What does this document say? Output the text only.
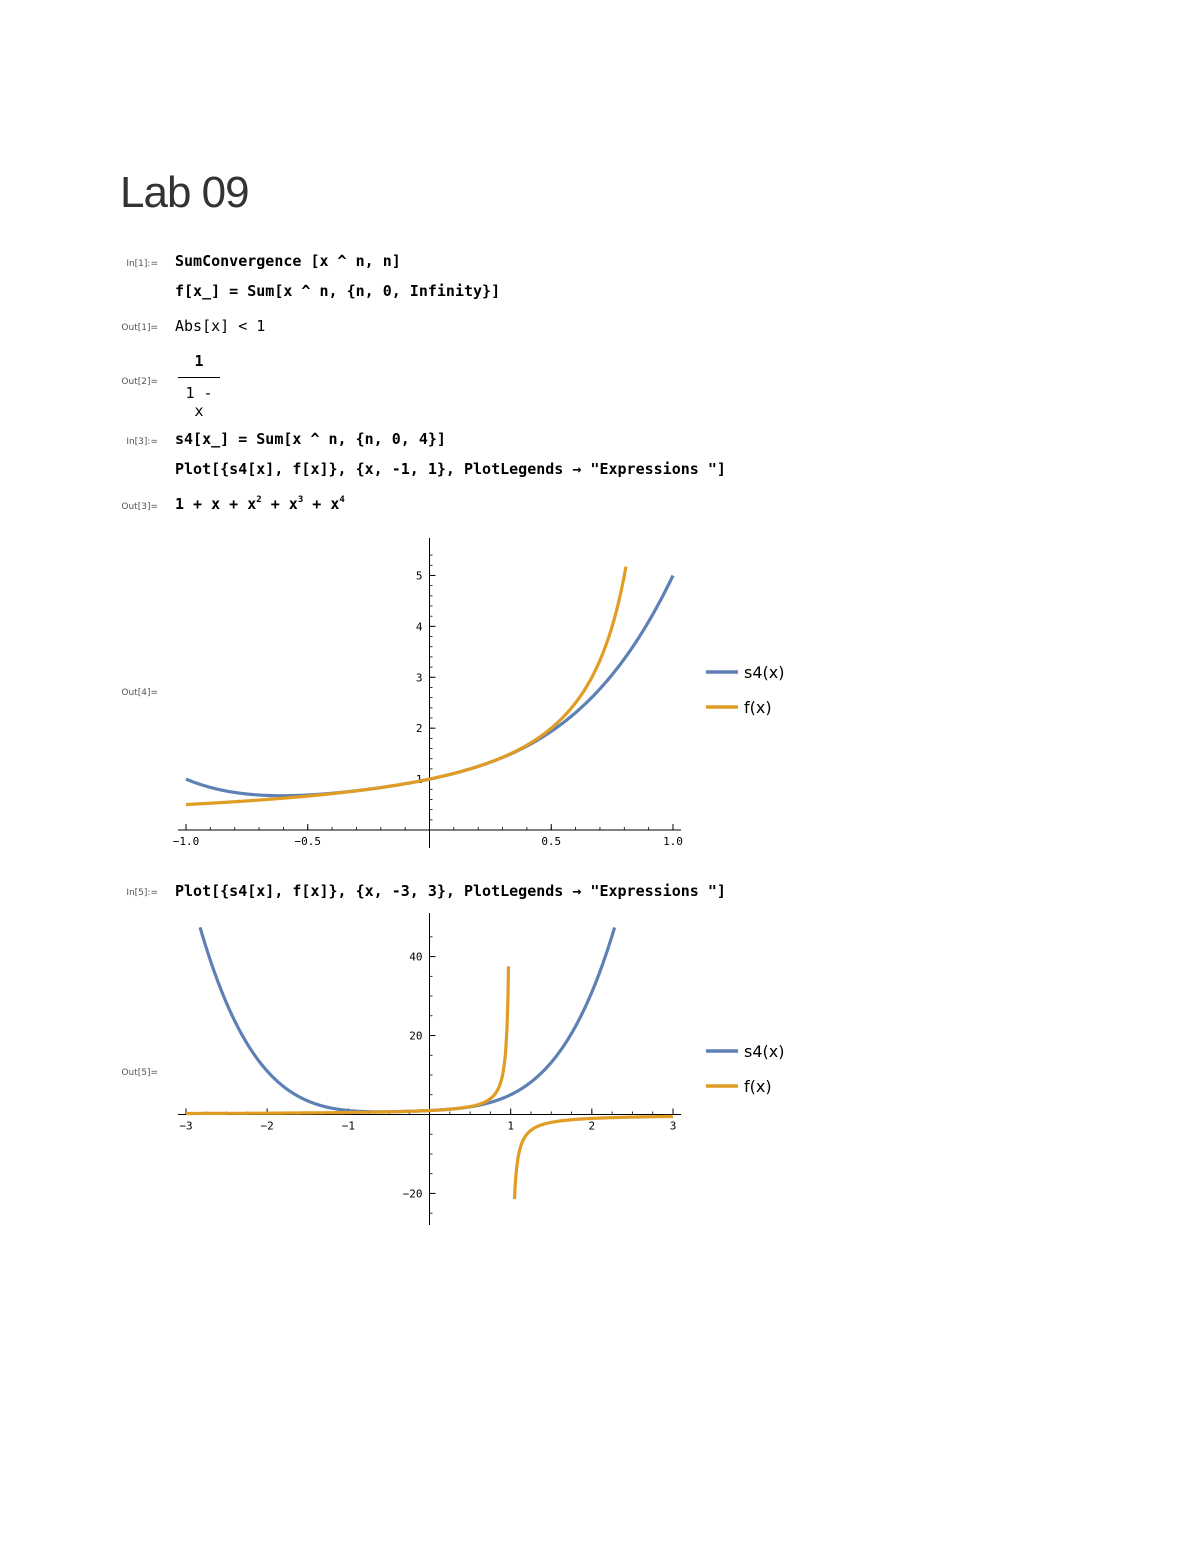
Lab 09
In[1]:= SumConvergence [x ^ n, n]
f[x_] = Sum[x ^ n, {n, 0, Infinity}]
Out[1]= Abs[x] < 1
Out[2]=
1
1 - x
In[3]:= s4[x_] = Sum[x ^ n, {n, 0, 4}]
Plot[{s4[x], f[x]}, {x, -1, 1}, PlotLegends → "Expressions "]
$Out[3]= 1 + x + x^2 + x^3 + x^4$
Out[4]=
−1.0	−0.5	0.5	1.0
1
2
3
4
5
s4(x)
f(x)
In[5]:= Plot[{s4[x], f[x]}, {x, -3, 3}, PlotLegends → "Expressions "]
Out[5]=
−3	−2	−1	1	2	3
−20
20
40
s4(x)
f(x)
